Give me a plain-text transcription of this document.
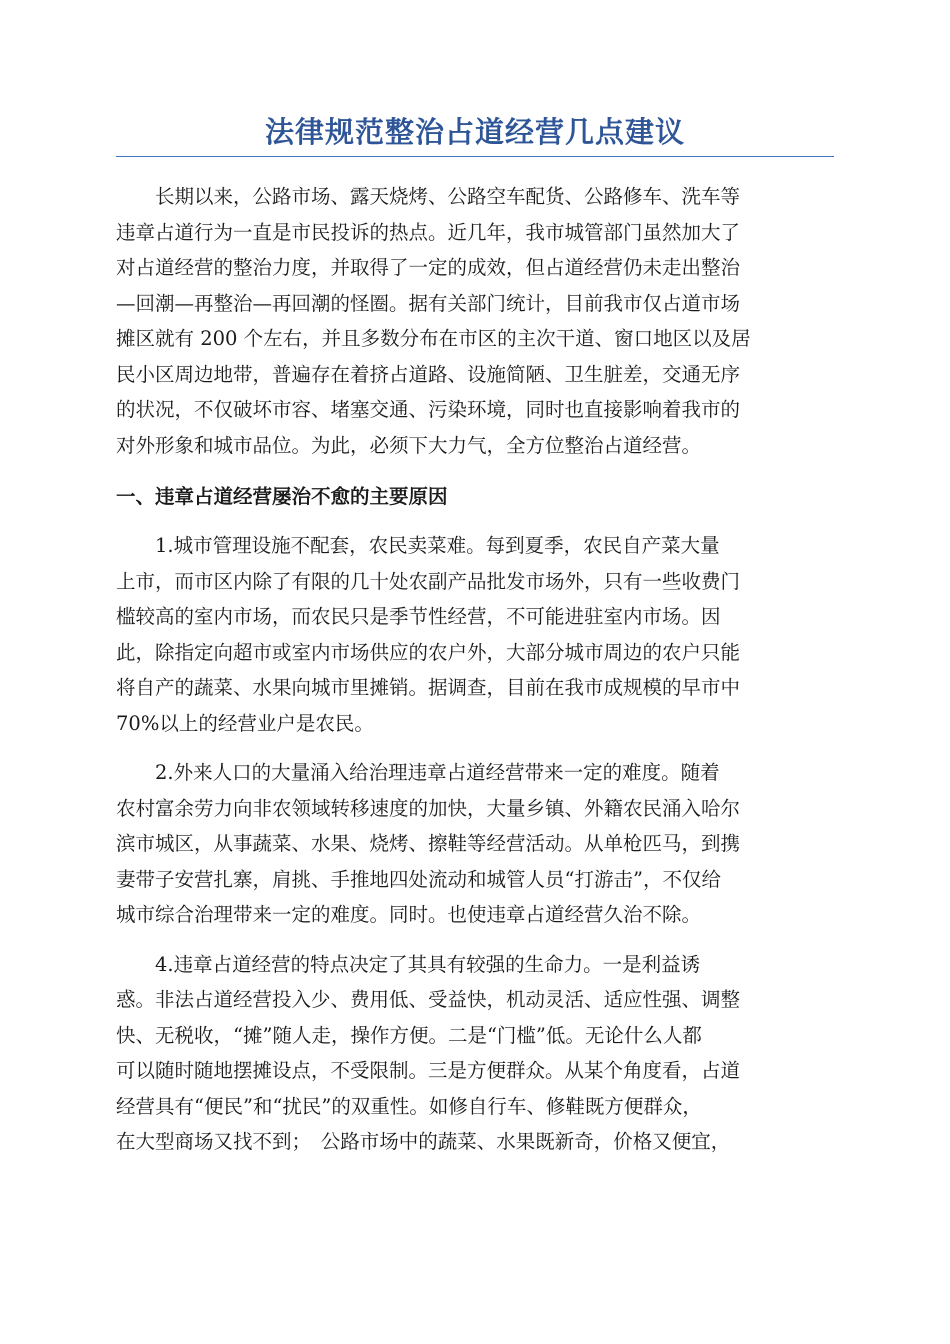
法律规范整治占道经营几点建议

　　长期以来，公路市场、露天烧烤、公路空车配货、公路修车、洗车等
违章占道行为一直是市民投诉的热点。近几年，我市城管部门虽然加大了
对占道经营的整治力度，并取得了一定的成效，但占道经营仍未走出整治
—回潮—再整治—再回潮的怪圈。据有关部门统计，目前我市仅占道市场
摊区就有 200 个左右，并且多数分布在市区的主次干道、窗口地区以及居
民小区周边地带，普遍存在着挤占道路、设施简陋、卫生脏差，交通无序
的状况，不仅破坏市容、堵塞交通、污染环境，同时也直接影响着我市的
对外形象和城市品位。为此，必须下大力气，全方位整治占道经营。

一、违章占道经营屡治不愈的主要原因

　　1.城市管理设施不配套，农民卖菜难。每到夏季，农民自产菜大量
上市，而市区内除了有限的几十处农副产品批发市场外，只有一些收费门
槛较高的室内市场，而农民只是季节性经营，不可能进驻室内市场。因
此，除指定向超市或室内市场供应的农户外，大部分城市周边的农户只能
将自产的蔬菜、水果向城市里摊销。据调查，目前在我市成规模的早市中
70%以上的经营业户是农民。

　　2.外来人口的大量涌入给治理违章占道经营带来一定的难度。随着
农村富余劳力向非农领域转移速度的加快，大量乡镇、外籍农民涌入哈尔
滨市城区，从事蔬菜、水果、烧烤、擦鞋等经营活动。从单枪匹马，到携
妻带子安营扎寨，肩挑、手推地四处流动和城管人员“打游击”，不仅给
城市综合治理带来一定的难度。同时。也使违章占道经营久治不除。

　　4.违章占道经营的特点决定了其具有较强的生命力。一是利益诱
惑。非法占道经营投入少、费用低、受益快，机动灵活、适应性强、调整
快、无税收，“摊”随人走，操作方便。二是“门槛”低。无论什么人都
可以随时随地摆摊设点，不受限制。三是方便群众。从某个角度看，占道
经营具有“便民”和“扰民”的双重性。如修自行车、修鞋既方便群众，
在大型商场又找不到；　公路市场中的蔬菜、水果既新奇，价格又便宜，
